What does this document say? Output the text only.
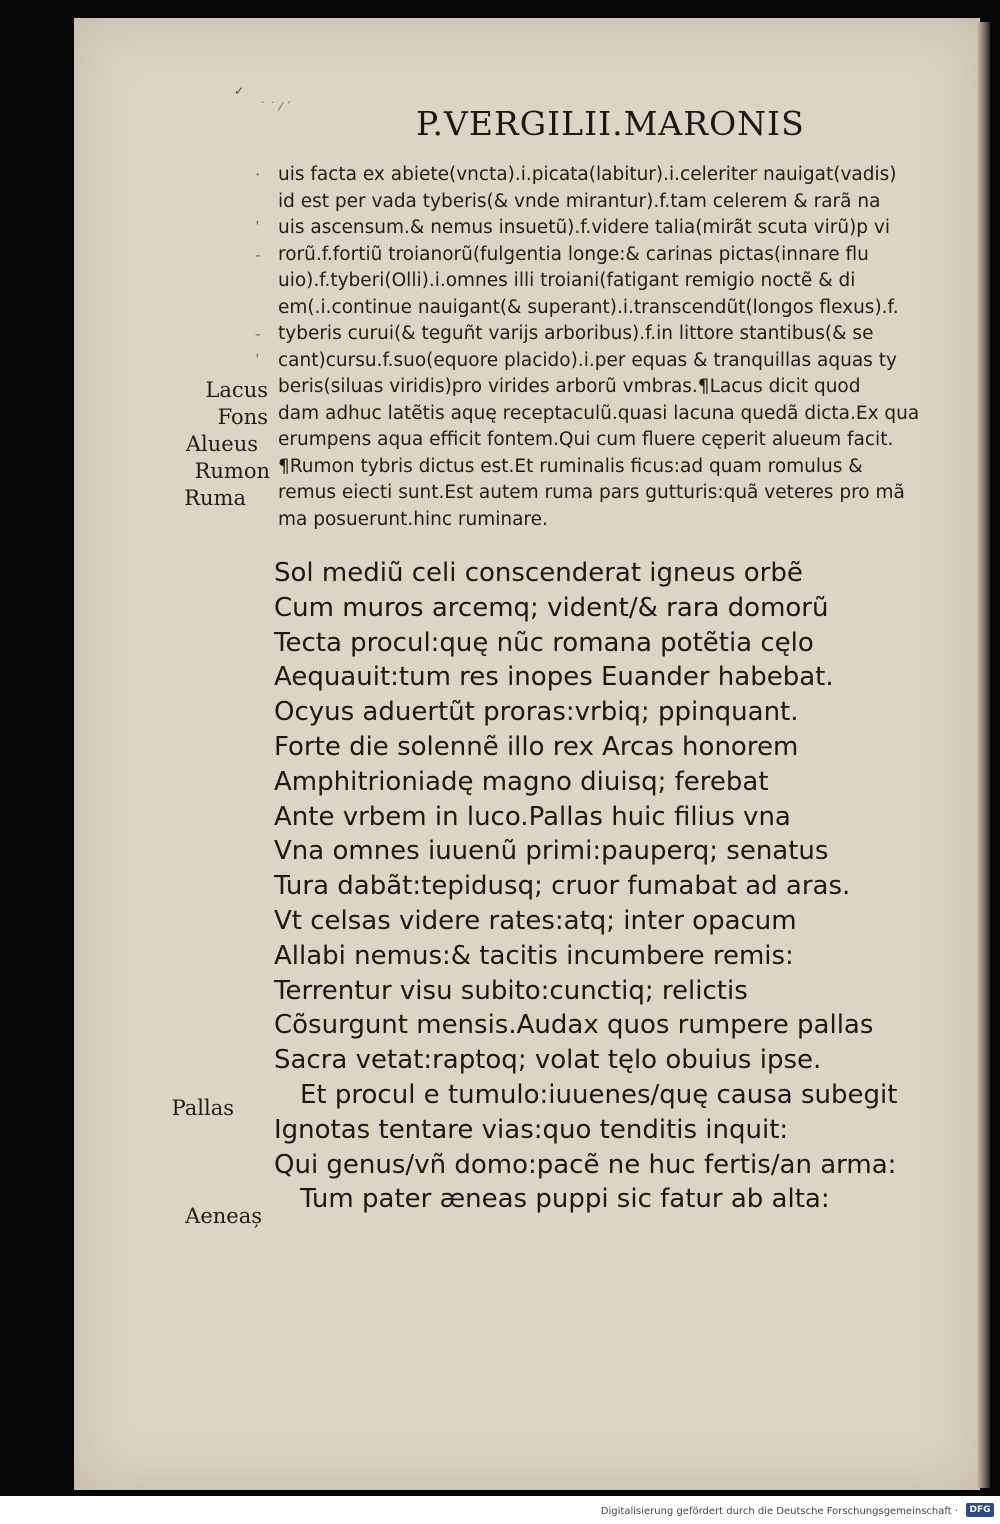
✓
˙ ˙ ⁄ ˊ	P.VERGILII.MARONIS
·
ˈ
-
-
ˈ
uis facta ex abiete(vncta).i.picata(labitur).i.celeriter nauigat(vadis)
id est per vada tyberis(& vnde mirantur).f.tam celerem & rarã na
uis ascensum.& nemus insuetũ).f.videre talia(mirãt scuta virũ)p vi
rorũ.f.fortiũ troianorũ(fulgentia longe:& carinas pictas(innare flu
uio).f.tyberi(Olli).i.omnes illi troiani(fatigant remigio noctẽ & di
em(.i.continue nauigant(& superant).i.transcendũt(longos flexus).f.
tyberis curui(& teguñt varijs arboribus).f.in littore stantibus(& se
cant)cursu.f.suo(equore placido).i.per equas & tranquillas aquas ty
beris(siluas viridis)pro virides arborũ vmbras.¶Lacus dicit quod
dam adhuc latẽtis aquę receptaculũ.quasi lacuna quedã dicta.Ex qua
erumpens aqua efficit fontem.Qui cum fluere cęperit alueum facit.
¶Rumon tybris dictus est.Et ruminalis ficus:ad quam romulus &
remus eiecti sunt.Est autem ruma pars gutturis:quã veteres pro mã
ma posuerunt.hinc ruminare.
Lacus
Fons
Alueus
Rumon
Ruma
Sol mediũ celi conscenderat igneus orbẽ
Cum muros arcemq; vident/& rara domorũ
Tecta procul:quę nũc romana potẽtia cęlo
Aequauit:tum res inopes Euander habebat.
Ocyus aduertũt proras:vrbiq; ppinquant.
Forte die solennẽ illo rex Arcas honorem
Amphitrioniadę magno diuisq; ferebat
Ante vrbem in luco.Pallas huic filius vna
Vna omnes iuuenũ primi:pauperq; senatus
Tura dabãt:tepidusq; cruor fumabat ad aras.
Vt celsas videre rates:atq; inter opacum
Allabi nemus:& tacitis incumbere remis:
Terrentur visu subito:cunctiq; relictis
Cõsurgunt mensis.Audax quos rumpere pallas
Sacra vetat:raptoq; volat tęlo obuius ipse.
Et procul e tumulo:iuuenes/quę causa subegit
Ignotas tentare vias:quo tenditis inquit:
Qui genus/vñ domo:pacẽ ne huc fertis/an arma:
Tum pater æneas puppi sic fatur ab alta:
Pallas
Aeneaș
Digitalisierung gefördert durch die Deutsche Forschungsgemeinschaft ·	DFG
